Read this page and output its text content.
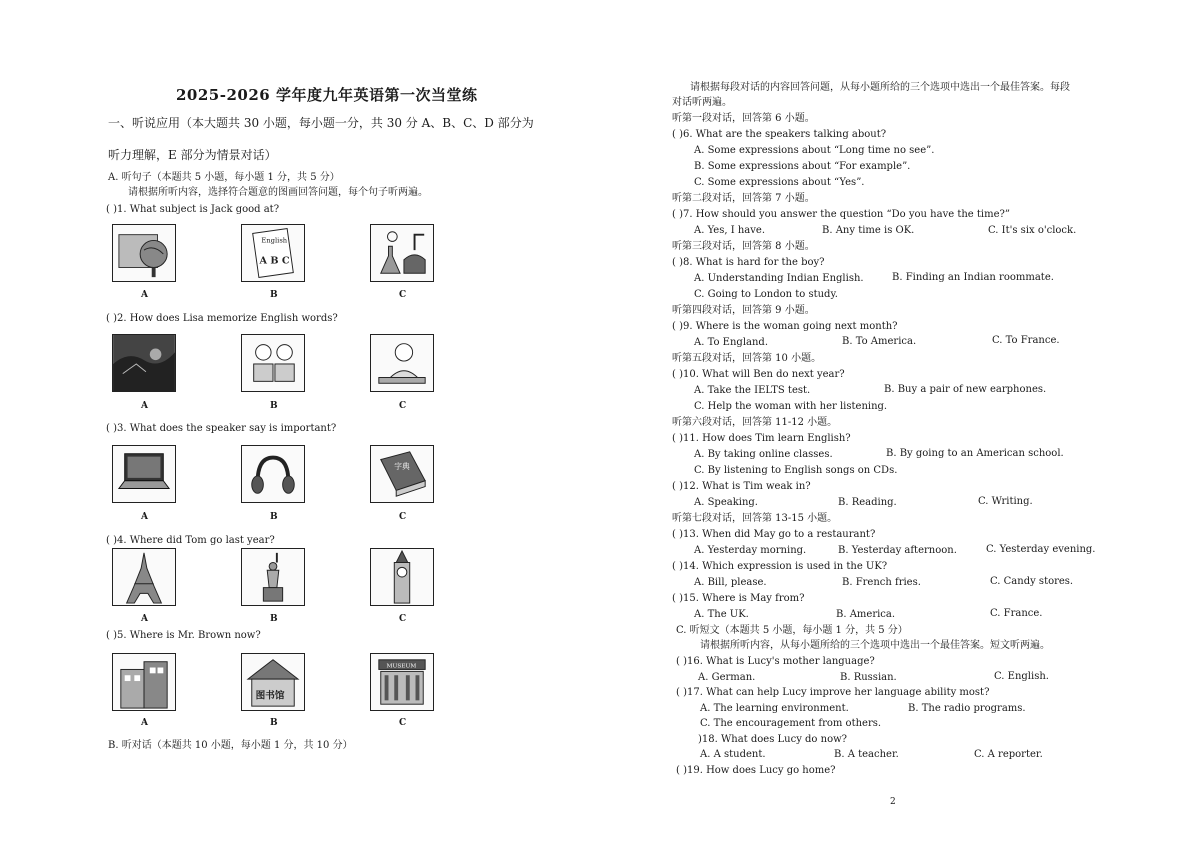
2025-2026 学年度九年英语第一次当堂练
一、听说应用（本大题共 30 小题，每小题一分，共 30 分 A、B、C、D 部分为
听力理解，E 部分为情景对话）
A. 听句子（本题共 5 小题，每小题 1 分，共 5 分）
请根据所听内容，选择符合题意的图画回答问题，每个句子听两遍。
( )1. What subject is Jack good at?
( )2. How does Lisa memorize English words?
( )3. What does the speaker say is important?
( )4. Where did Tom go last year?
( )5. Where is Mr. Brown now?
English
A B C
A	B	C
A	B	C
字典
A	B	C
A	B	C
图书馆
MUSEUM
A	B	C
B. 听对话（本题共 10 小题，每小题 1 分，共 10 分）
请根据每段对话的内容回答问题，从每小题所给的三个选项中选出一个最佳答案。每段
对话听两遍。
听第一段对话，回答第 6 小题。
( )6. What are the speakers talking about?
A. Some expressions about “Long time no see”.
B. Some expressions about “For example”.
C. Some expressions about “Yes”.
听第二段对话，回答第 7 小题。
( )7. How should you answer the question “Do you have the time?”
A. Yes, I have.	B. Any time is OK.	C. It's six o'clock.
听第三段对话，回答第 8 小题。
( )8. What is hard for the boy?
A. Understanding Indian English.	B. Finding an Indian roommate.
C. Going to London to study.
听第四段对话，回答第 9 小题。
( )9. Where is the woman going next month?
A. To England.	B. To America.	C. To France.
听第五段对话，回答第 10 小题。
( )10. What will Ben do next year?
A. Take the IELTS test.	B. Buy a pair of new earphones.
C. Help the woman with her listening.
听第六段对话，回答第 11-12 小题。
( )11. How does Tim learn English?
A. By taking online classes.	B. By going to an American school.
C. By listening to English songs on CDs.
( )12. What is Tim weak in?
A. Speaking.	B. Reading.	C. Writing.
听第七段对话，回答第 13-15 小题。
( )13. When did May go to a restaurant?
A. Yesterday morning.	B. Yesterday afternoon.	C. Yesterday evening.
( )14. Which expression is used in the UK?
A. Bill, please.	B. French fries.	C. Candy stores.
( )15. Where is May from?
A. The UK.	B. America.	C. France.
C. 听短文（本题共 5 小题，每小题 1 分，共 5 分）
请根据所听内容，从每小题所给的三个选项中选出一个最佳答案。短文听两遍。
( )16. What is Lucy's mother language?
A. German.	B. Russian.	C. English.
( )17. What can help Lucy improve her language ability most?
A. The learning environment.	B. The radio programs.
C. The encouragement from others.
)18. What does Lucy do now?
A. A student.	B. A teacher.	C. A reporter.
( )19. How does Lucy go home?
2
